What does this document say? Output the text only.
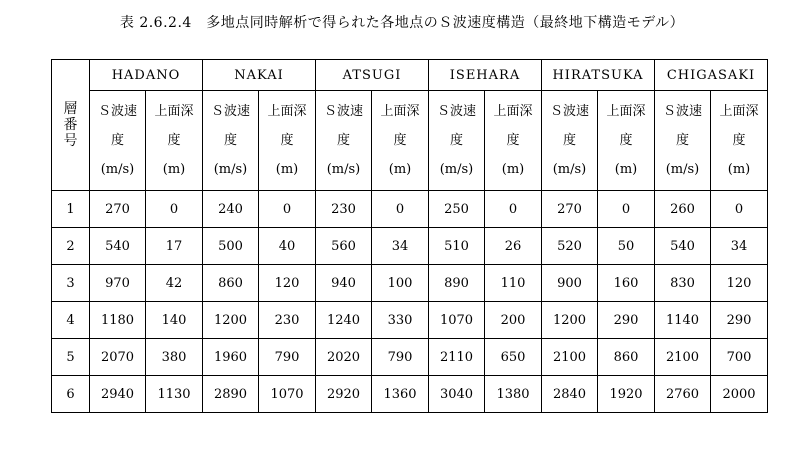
表 2.6.2.4　多地点同時解析で得られた各地点のＳ波速度構造（最終地下構造モデル）
層
番
号	HADANO		NAKAI		ATSUGI		ISEHARA		HIRATSUKA		CHIGASAKI	

	Ｓ波速
度
(m/s)	上面深
度
(m)	Ｓ波速
度
(m/s)	上面深
度
(m)	Ｓ波速
度
(m/s)	上面深
度
(m)	Ｓ波速
度
(m/s)	上面深
度
(m)	Ｓ波速
度
(m/s)	上面深
度
(m)	Ｓ波速
度
(m/s)	上面深
度
(m)

1	270	0	240	0	230	0	250	0	270	0	260	0
2	540	17	500	40	560	34	510	26	520	50	540	34
3	970	42	860	120	940	100	890	110	900	160	830	120
4	1180	140	1200	230	1240	330	1070	200	1200	290	1140	290
5	2070	380	1960	790	2020	790	2110	650	2100	860	2100	700
6	2940	1130	2890	1070	2920	1360	3040	1380	2840	1920	2760	2000
